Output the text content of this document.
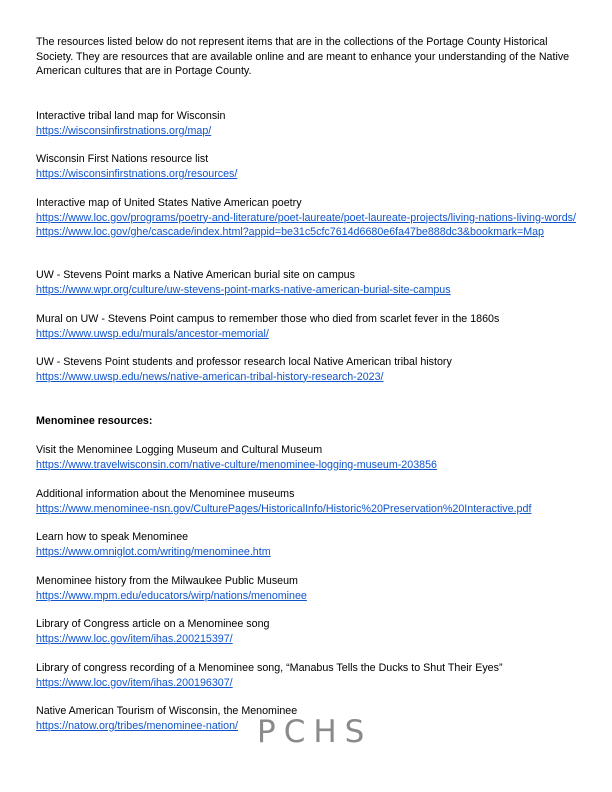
The resources listed below do not represent items that are in the collections of the Portage County Historical Society. They are resources that are available online and are meant to enhance your understanding of the Native American cultures that are in Portage County.

Interactive tribal land map for Wisconsin
https://wisconsinfirstnations.org/map/
Wisconsin First Nations resource list
https://wisconsinfirstnations.org/resources/
Interactive map of United States Native American poetry
https://www.loc.gov/programs/poetry-and-literature/poet-laureate/poet-laureate-projects/living-nations-living-words/
https://www.loc.gov/ghe/cascade/index.html?appid=be31c5cfc7614d6680e6fa47be888dc3&bookmark=Map
UW - Stevens Point marks a Native American burial site on campus
https://www.wpr.org/culture/uw-stevens-point-marks-native-american-burial-site-campus
Mural on UW - Stevens Point campus to remember those who died from scarlet fever in the 1860s
https://www.uwsp.edu/murals/ancestor-memorial/
UW - Stevens Point students and professor research local Native American tribal history
https://www.uwsp.edu/news/native-american-tribal-history-research-2023/
Menominee resources:
Visit the Menominee Logging Museum and Cultural Museum
https://www.travelwisconsin.com/native-culture/menominee-logging-museum-203856
Additional information about the Menominee museums
https://www.menominee-nsn.gov/CulturePages/HistoricalInfo/Historic%20Preservation%20Interactive.pdf
Learn how to speak Menominee
https://www.omniglot.com/writing/menominee.htm
Menominee history from the Milwaukee Public Museum
https://www.mpm.edu/educators/wirp/nations/menominee
Library of Congress article on a Menominee song
https://www.loc.gov/item/ihas.200215397/
Library of congress recording of a Menominee song, “Manabus Tells the Ducks to Shut Their Eyes”
https://www.loc.gov/item/ihas.200196307/
Native American Tourism of Wisconsin, the Menominee
https://natow.org/tribes/menominee-nation/ PCHS
